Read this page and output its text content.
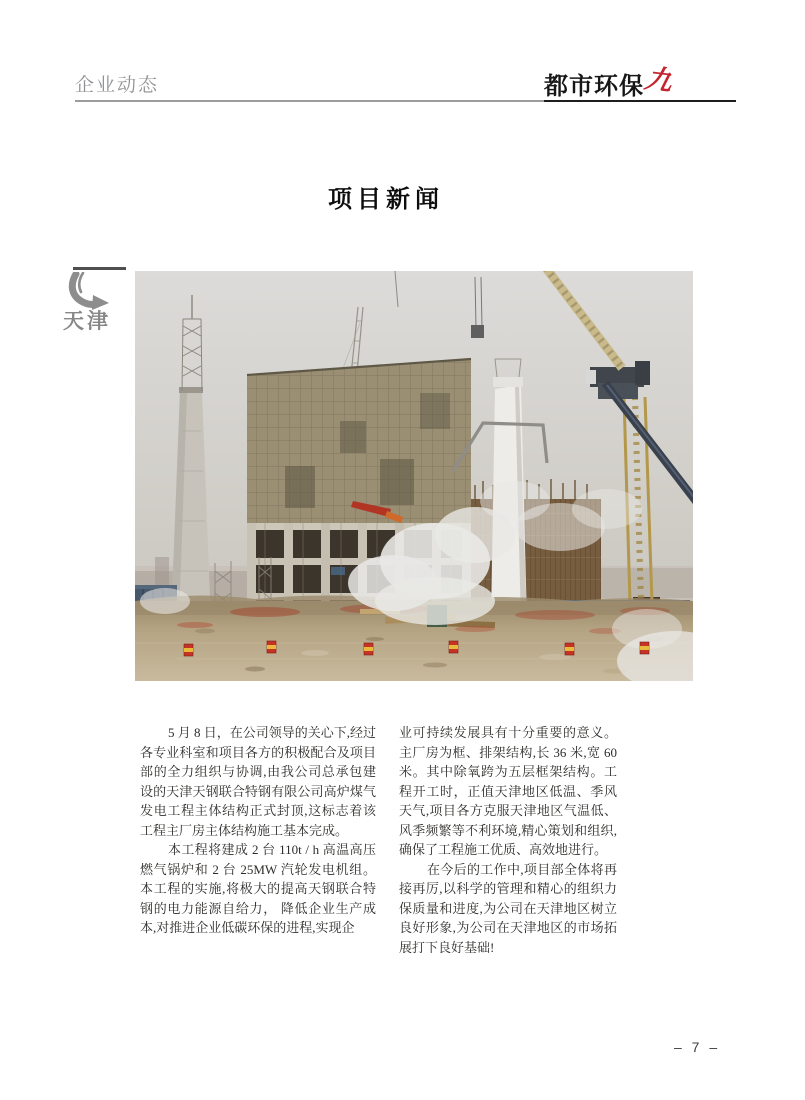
企业动态	都市环保
九
项目新闻
天津

5 月 8 日，在公司领导的关心下,经过各专业科室和项目各方的积极配合及项目部的全力组织与协调,由我公司总承包建设的天津天钢联合特钢有限公司高炉煤气发电工程主体结构正式封顶,这标志着该工程主厂房主体结构施工基本完成。

本工程将建成 2 台 110t / h 高温高压燃气锅炉和 2 台 25MW 汽轮发电机组。本工程的实施,将极大的提高天钢联合特钢的电力能源自给力， 降低企业生产成本,对推进企业低碳环保的进程,实现企

业可持续发展具有十分重要的意义。主厂房为框、排架结构,长 36 米,宽 60 米。其中除氧跨为五层框架结构。工程开工时，正值天津地区低温、季风天气,项目各方克服天津地区气温低、风季频繁等不利环境,精心策划和组织,确保了工程施工优质、高效地进行。

在今后的工作中,项目部全体将再接再厉,以科学的管理和精心的组织力保质量和进度,为公司在天津地区树立良好形象,为公司在天津地区的市场拓展打下良好基础!

– 7 –
